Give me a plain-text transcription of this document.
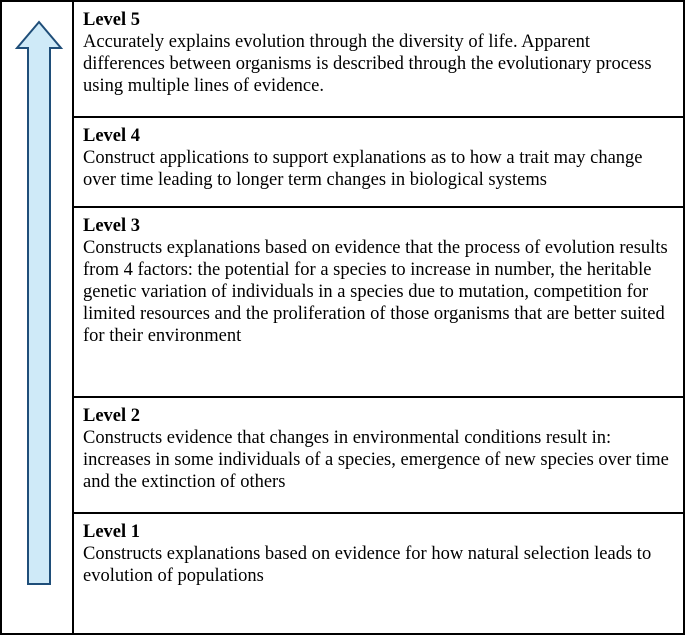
Level 5
Accurately explains evolution through the diversity of life. Apparent differences between organisms is described through the evolutionary process using multiple lines of evidence.
Level 4
Construct applications to support explanations as to how a trait may change over time leading to longer term changes in biological systems
Level 3
Constructs explanations based on evidence that the process of evolution results from 4 factors: the potential for a species to increase in number, the heritable genetic variation of individuals in a species due to mutation, competition for limited resources and the proliferation of those organisms that are better suited for their environment
Level 2
Constructs evidence that changes in environmental conditions result in: increases in some individuals of a species, emergence of new species over time and the extinction of others
Level 1
Constructs explanations based on evidence for how natural selection leads to evolution of populations
